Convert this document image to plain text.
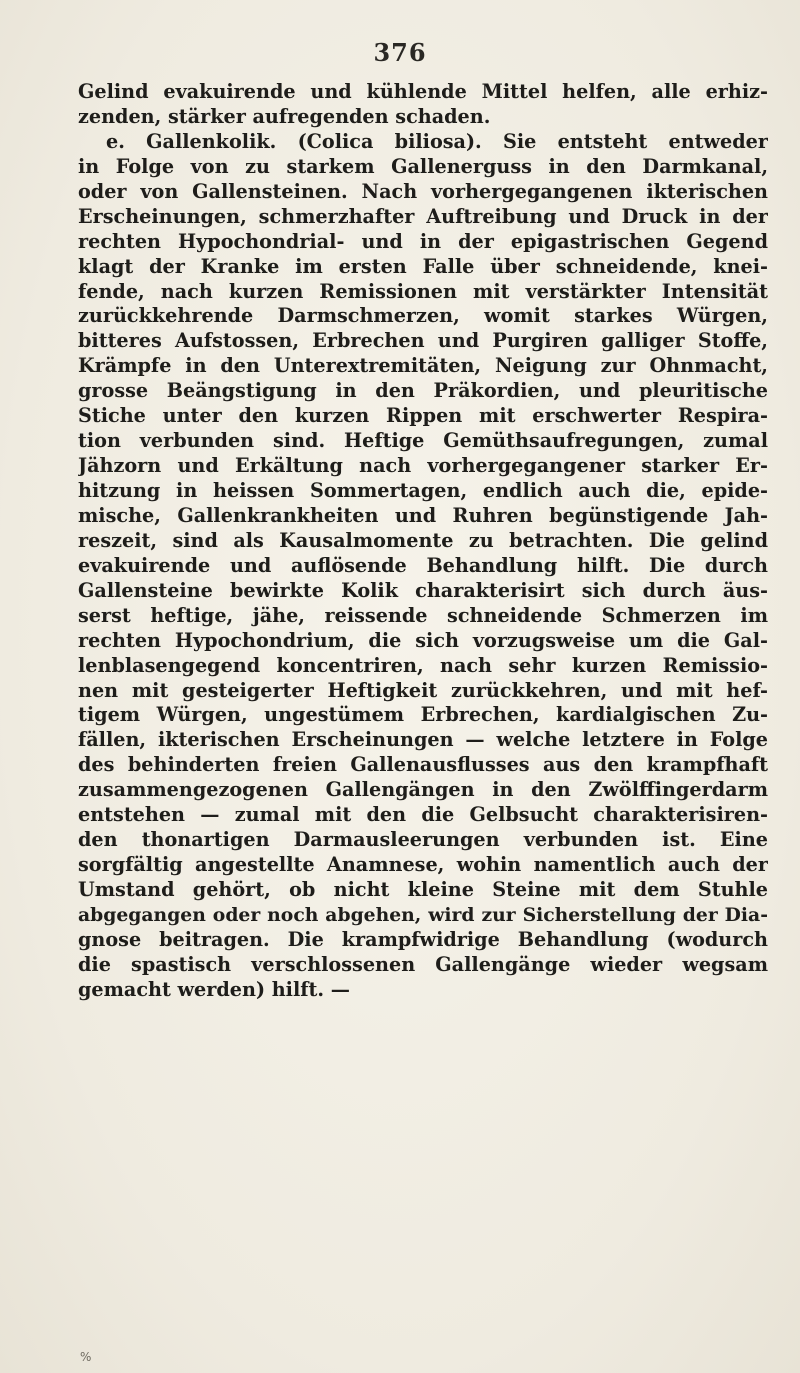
376
Gelind evakuirende und kühlende Mittel helfen, alle erhiz-
zenden, stärker aufregenden schaden.
e. Gallenkolik. (Colica biliosa). Sie entsteht entweder
in Folge von zu starkem Gallenerguss in den Darmkanal,
oder von Gallensteinen. Nach vorhergegangenen ikterischen
Erscheinungen, schmerzhafter Auftreibung und Druck in der
rechten Hypochondrial- und in der epigastrischen Gegend
klagt der Kranke im ersten Falle über schneidende, knei-
fende, nach kurzen Remissionen mit verstärkter Intensität
zurückkehrende Darmschmerzen, womit starkes Würgen,
bitteres Aufstossen, Erbrechen und Purgiren galliger Stoffe,
Krämpfe in den Unterextremitäten, Neigung zur Ohnmacht,
grosse Beängstigung in den Präkordien, und pleuritische
Stiche unter den kurzen Rippen mit erschwerter Respira-
tion verbunden sind. Heftige Gemüthsaufregungen, zumal
Jähzorn und Erkältung nach vorhergegangener starker Er-
hitzung in heissen Sommertagen, endlich auch die, epide-
mische, Gallenkrankheiten und Ruhren begünstigende Jah-
reszeit, sind als Kausalmomente zu betrachten. Die gelind
evakuirende und auflösende Behandlung hilft. Die durch
Gallensteine bewirkte Kolik charakterisirt sich durch äus-
serst heftige, jähe, reissende schneidende Schmerzen im
rechten Hypochondrium, die sich vorzugsweise um die Gal-
lenblasengegend koncentriren, nach sehr kurzen Remissio-
nen mit gesteigerter Heftigkeit zurückkehren, und mit hef-
tigem Würgen, ungestümem Erbrechen, kardialgischen Zu-
fällen, ikterischen Erscheinungen — welche letztere in Folge
des behinderten freien Gallenausflusses aus den krampfhaft
zusammengezogenen Gallengängen in den Zwölffingerdarm
entstehen — zumal mit den die Gelbsucht charakterisiren-
den thonartigen Darmausleerungen verbunden ist. Eine
sorgfältig angestellte Anamnese, wohin namentlich auch der
Umstand gehört, ob nicht kleine Steine mit dem Stuhle
abgegangen oder noch abgehen, wird zur Sicherstellung der Dia-
gnose beitragen. Die krampfwidrige Behandlung (wodurch
die spastisch verschlossenen Gallengänge wieder wegsam
gemacht werden) hilft. —
%
